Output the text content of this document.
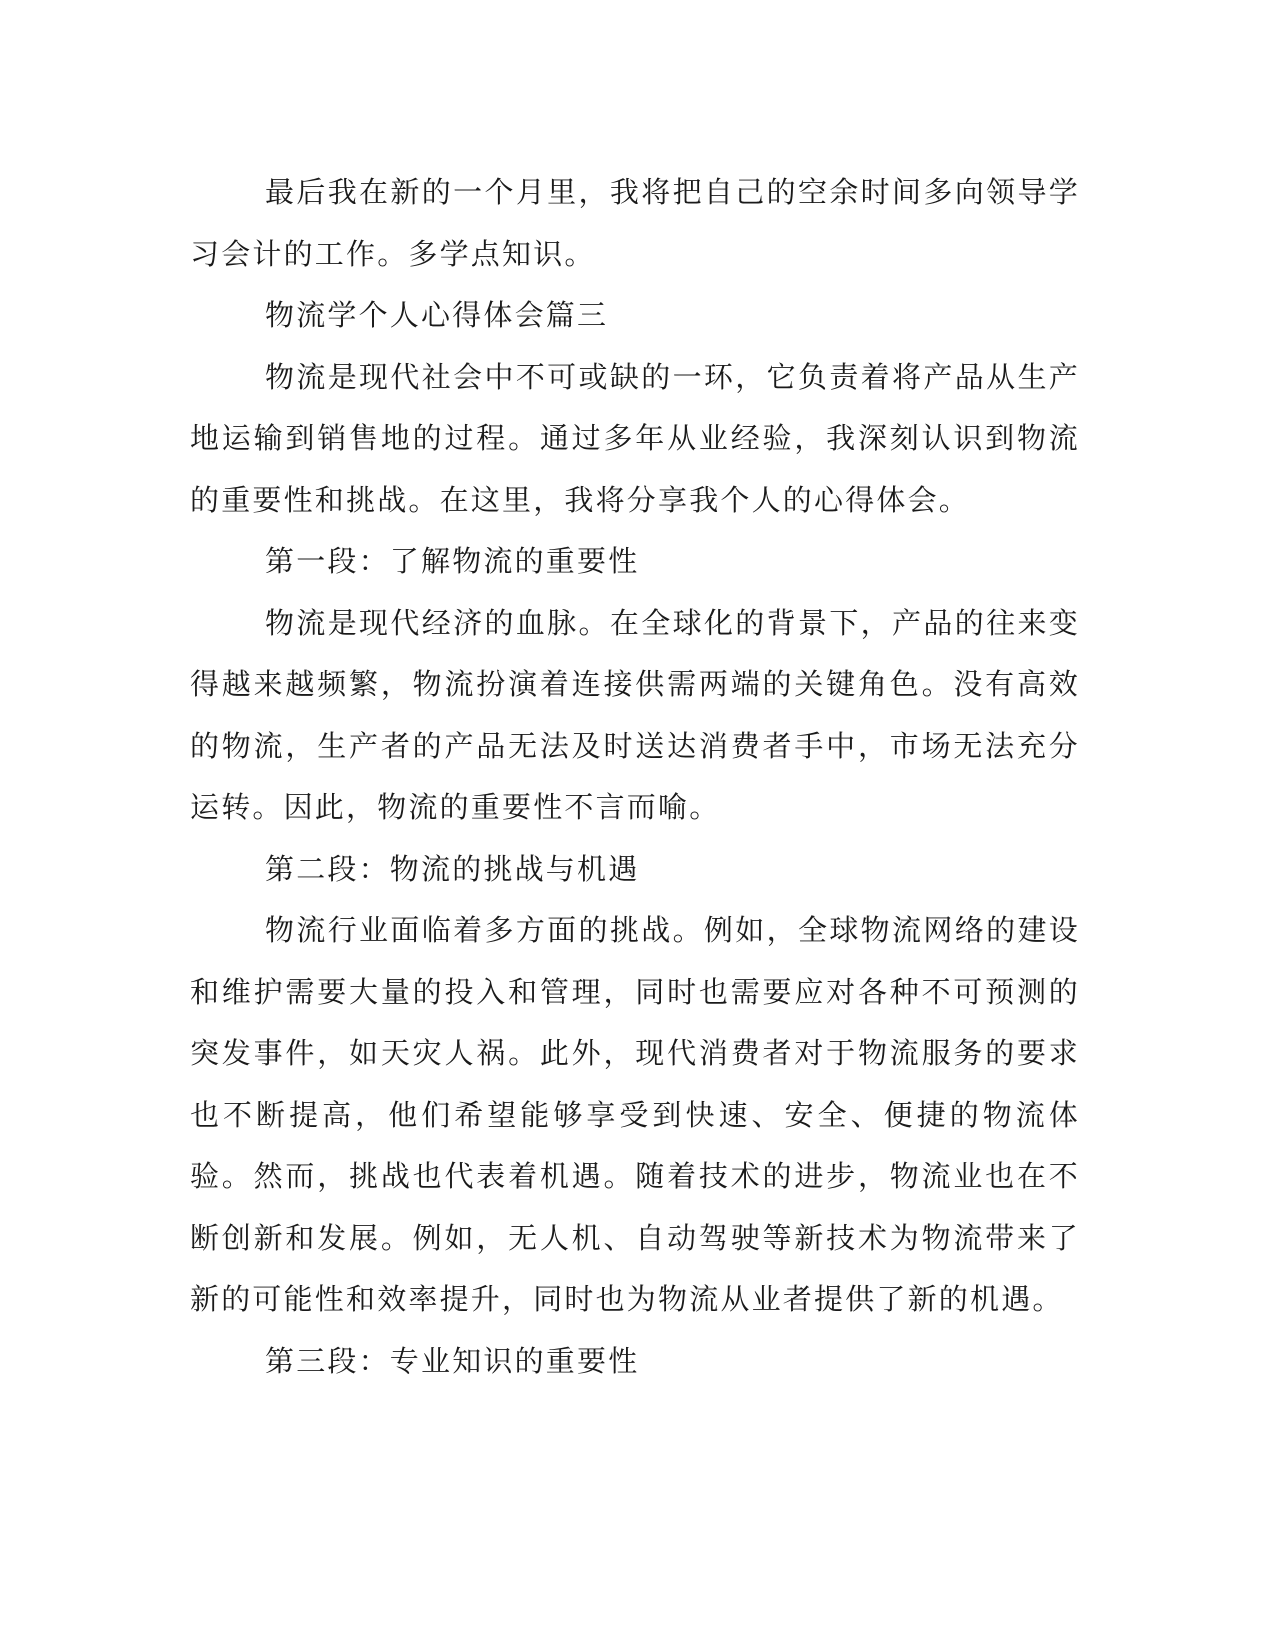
最后我在新的一个月里，我将把自己的空余时间多向领导学习会计的工作。多学点知识。

物流学个人心得体会篇三

物流是现代社会中不可或缺的一环，它负责着将产品从生产地运输到销售地的过程。通过多年从业经验，我深刻认识到物流的重要性和挑战。在这里，我将分享我个人的心得体会。

第一段：了解物流的重要性

物流是现代经济的血脉。在全球化的背景下，产品的往来变得越来越频繁，物流扮演着连接供需两端的关键角色。没有高效的物流，生产者的产品无法及时送达消费者手中，市场无法充分运转。因此，物流的重要性不言而喻。

第二段：物流的挑战与机遇

物流行业面临着多方面的挑战。例如，全球物流网络的建设和维护需要大量的投入和管理，同时也需要应对各种不可预测的突发事件，如天灾人祸。此外，现代消费者对于物流服务的要求也不断提高，他们希望能够享受到快速、安全、便捷的物流体验。然而，挑战也代表着机遇。随着技术的进步，物流业也在不断创新和发展。例如，无人机、自动驾驶等新技术为物流带来了新的可能性和效率提升，同时也为物流从业者提供了新的机遇。

第三段：专业知识的重要性
